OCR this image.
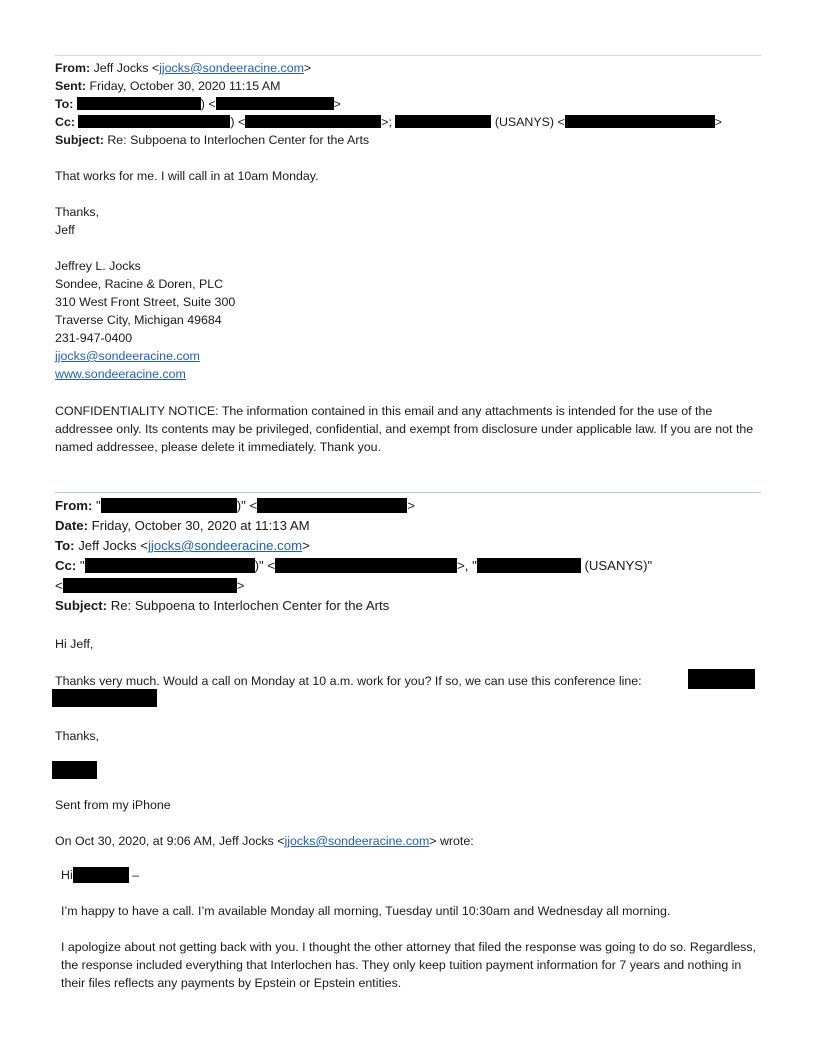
From: Jeff Jocks <jjocks@sondeeracine.com>
Sent: Friday, October 30, 2020 11:15 AM
To:	) <	>
Cc:	) <	>;	(USANYS) <	>
Subject: Re: Subpoena to Interlochen Center for the Arts
That works for me. I will call in at 10am Monday.
Thanks,
Jeff
Jeffrey L. Jocks
Sondee, Racine & Doren, PLC
310 West Front Street, Suite 300
Traverse City, Michigan 49684
231-947-0400
jjocks@sondeeracine.com
www.sondeeracine.com
CONFIDENTIALITY NOTICE: The information contained in this email and any attachments is intended for the use of the addressee only. Its contents may be privileged, confidential, and exempt from disclosure under applicable law. If you are not the named addressee, please delete it immediately. Thank you.
From: "	)" <	>
Date: Friday, October 30, 2020 at 11:13 AM
To: Jeff Jocks <jjocks@sondeeracine.com>
Cc: "	)" <	>, "	(USANYS)"
<	>
Subject: Re: Subpoena to Interlochen Center for the Arts
Hi Jeff,
Thanks very much. Would a call on Monday at 10 a.m. work for you? If so, we can use this conference line:
Thanks,
Sent from my iPhone
On Oct 30, 2020, at 9:06 AM, Jeff Jocks <jjocks@sondeeracine.com> wrote:
Hi	–
I’m happy to have a call. I’m available Monday all morning, Tuesday until 10:30am and Wednesday all morning.
I apologize about not getting back with you. I thought the other attorney that filed the response was going to do so. Regardless, the response included everything that Interlochen has. They only keep tuition payment information for 7 years and nothing in their files reflects any payments by Epstein or Epstein entities.
